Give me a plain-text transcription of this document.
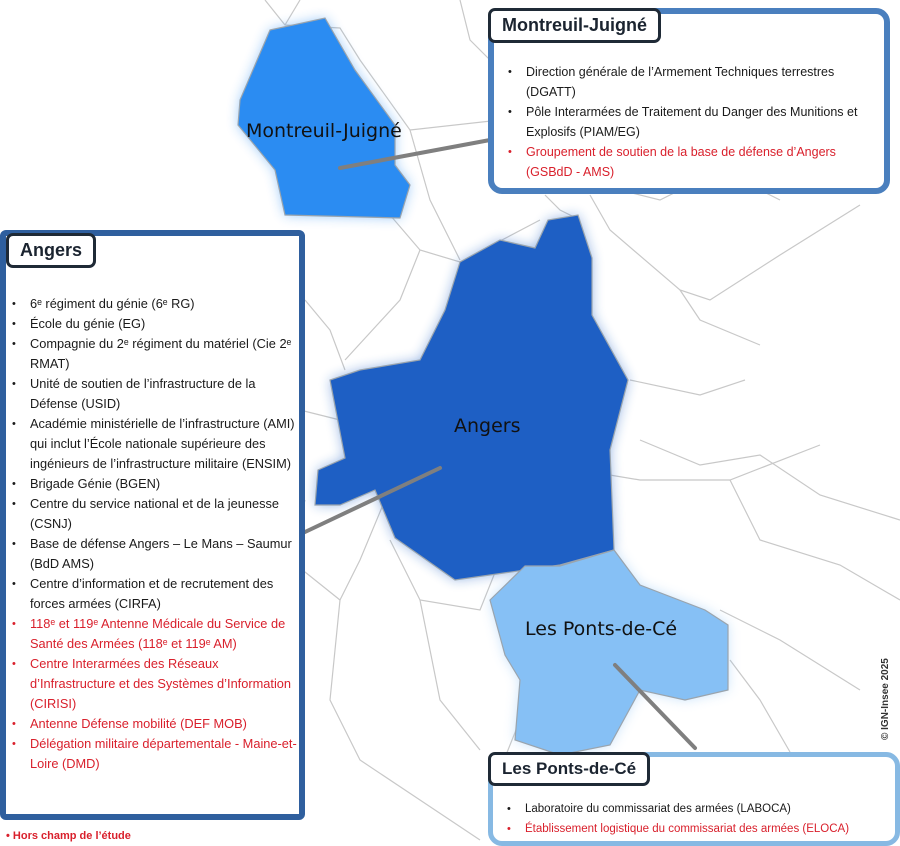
Montreuil-Juigné
Angers
Les Ponts-de-Cé
• Direction générale de l’Armement Techniques terrestres (DGATT)
• Pôle Interarmées de Traitement du Danger des Munitions et Explosifs (PIAM/EG)
• Groupement de soutien de la base de défense d’Angers (GSBdD - AMS)
Montreuil-Juigné
• 6ᵉ régiment du génie (6ᵉ RG)
• École du génie (EG)
• Compagnie du 2ᵉ régiment du matériel (Cie 2ᵉ RMAT)
• Unité de soutien de l’infrastructure de la Défense (USID)
• Académie ministérielle de l’infrastructure (AMI) qui inclut l’École nationale supérieure des ingénieurs de l’infrastructure militaire (ENSIM)
• Brigade Génie (BGEN)
• Centre du service national et de la jeunesse (CSNJ)
• Base de défense Angers – Le Mans – Saumur (BdD AMS)
• Centre d’information et de recrutement des forces armées (CIRFA)
• 118ᵉ et 119ᵉ Antenne Médicale du Service de Santé des Armées (118ᵉ et 119ᵉ AM)
• Centre Interarmées des Réseaux d’Infrastructure et des Systèmes d’Information (CIRISI)
• Antenne Défense mobilité (DEF MOB)
• Délégation militaire départementale - Maine-et-Loire (DMD)
Angers
• Laboratoire du commissariat des armées (LABOCA)
• Établissement logistique du commissariat des armées (ELOCA)
Les Ponts-de-Cé
• Hors champ de l’étude
© IGN-Insee 2025
